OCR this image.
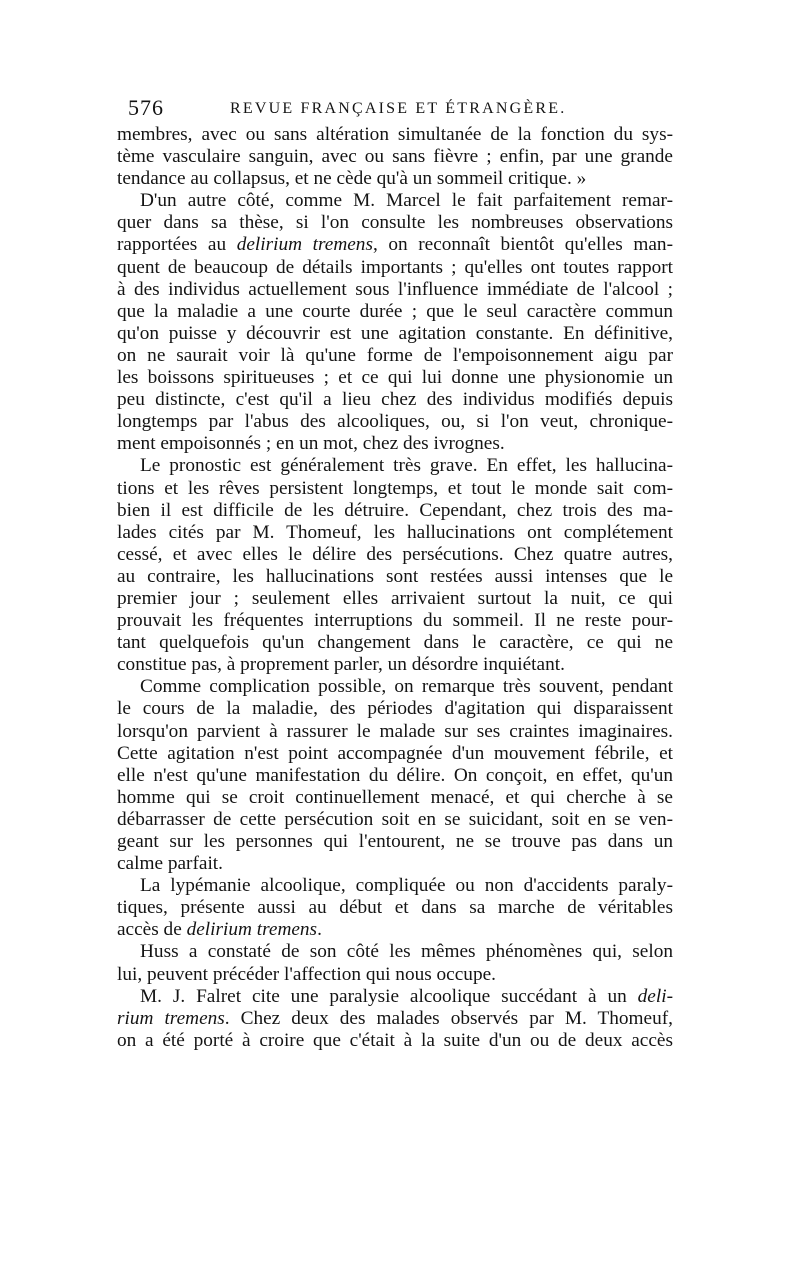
576	REVUE FRANÇAISE ET ÉTRANGÈRE.
membres, avec ou sans altération simultanée de la fonction du sys-
tème vasculaire sanguin, avec ou sans fièvre ; enfin, par une grande
tendance au collapsus, et ne cède qu'à un sommeil critique. »
D'un autre côté, comme M. Marcel le fait parfaitement remar-
quer dans sa thèse, si l'on consulte les nombreuses observations
rapportées au delirium tremens, on reconnaît bientôt qu'elles man-
quent de beaucoup de détails importants ; qu'elles ont toutes rapport
à des individus actuellement sous l'influence immédiate de l'alcool ;
que la maladie a une courte durée ; que le seul caractère commun
qu'on puisse y découvrir est une agitation constante. En définitive,
on ne saurait voir là qu'une forme de l'empoisonnement aigu par
les boissons spiritueuses ; et ce qui lui donne une physionomie un
peu distincte, c'est qu'il a lieu chez des individus modifiés depuis
longtemps par l'abus des alcooliques, ou, si l'on veut, chronique-
ment empoisonnés ; en un mot, chez des ivrognes.
Le pronostic est généralement très grave. En effet, les hallucina-
tions et les rêves persistent longtemps, et tout le monde sait com-
bien il est difficile de les détruire. Cependant, chez trois des ma-
lades cités par M. Thomeuf, les hallucinations ont complétement
cessé, et avec elles le délire des persécutions. Chez quatre autres,
au contraire, les hallucinations sont restées aussi intenses que le
premier jour ; seulement elles arrivaient surtout la nuit, ce qui
prouvait les fréquentes interruptions du sommeil. Il ne reste pour-
tant quelquefois qu'un changement dans le caractère, ce qui ne
constitue pas, à proprement parler, un désordre inquiétant.
Comme complication possible, on remarque très souvent, pendant
le cours de la maladie, des périodes d'agitation qui disparaissent
lorsqu'on parvient à rassurer le malade sur ses craintes imaginaires.
Cette agitation n'est point accompagnée d'un mouvement fébrile, et
elle n'est qu'une manifestation du délire. On conçoit, en effet, qu'un
homme qui se croit continuellement menacé, et qui cherche à se
débarrasser de cette persécution soit en se suicidant, soit en se ven-
geant sur les personnes qui l'entourent, ne se trouve pas dans un
calme parfait.
La lypémanie alcoolique, compliquée ou non d'accidents paraly-
tiques, présente aussi au début et dans sa marche de véritables
accès de delirium tremens.
Huss a constaté de son côté les mêmes phénomènes qui, selon
lui, peuvent précéder l'affection qui nous occupe.
M. J. Falret cite une paralysie alcoolique succédant à un deli-
rium tremens. Chez deux des malades observés par M. Thomeuf,
on a été porté à croire que c'était à la suite d'un ou de deux accès
